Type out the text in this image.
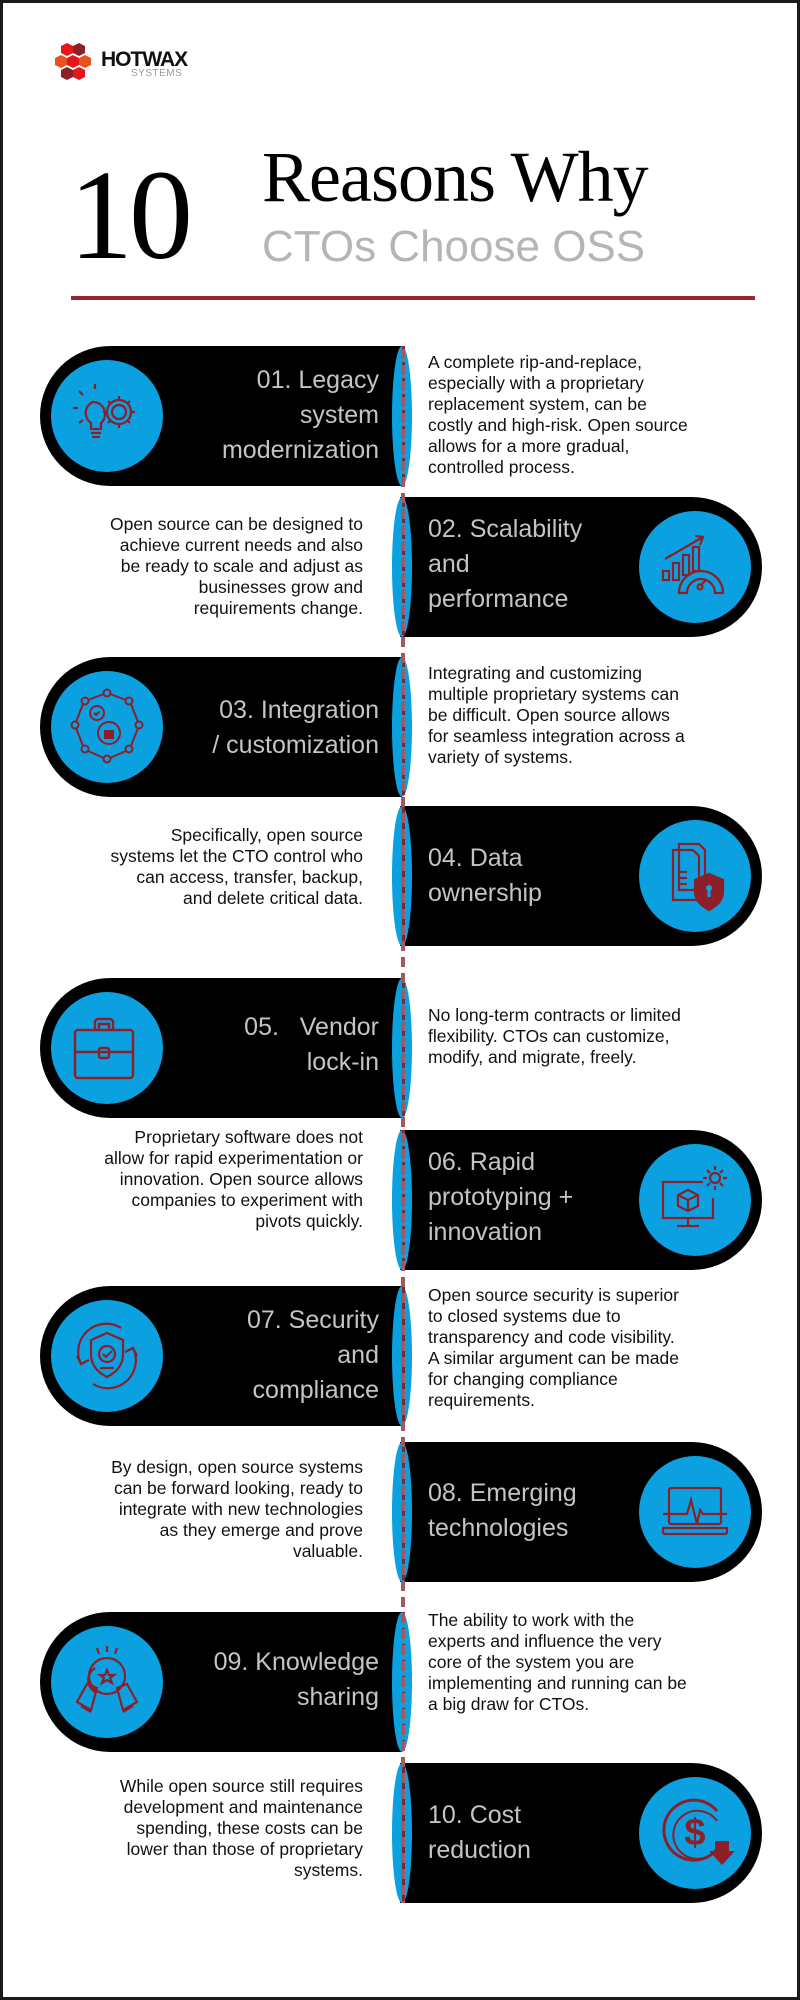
HOTWAX
SYSTEMS
10 Reasons Why
CTOs Choose OSS
01. Legacy
system
modernization
A complete rip-and-replace, especially with a proprietary replacement system, can be costly and high-risk. Open source allows for a more gradual, controlled process.
02. Scalability
and
performance
Open source can be designed to achieve current needs and also be ready to scale and adjust as businesses grow and requirements change.
03. Integration
/ customization
Integrating and customizing multiple proprietary systems can be difficult. Open source allows for seamless integration across a variety of systems.
04. Data
ownership
Specifically, open source systems let the CTO control who can access, transfer, backup, and delete critical data.
05.   Vendor
lock-in
No long-term contracts or limited flexibility. CTOs can customize, modify, and migrate, freely.
06. Rapid
prototyping +
innovation
Proprietary software does not allow for rapid experimentation or innovation. Open source allows companies to experiment with pivots quickly.
07. Security
and
compliance
Open source security is superior to closed systems due to transparency and code visibility. A similar argument can be made for changing compliance requirements.
08. Emerging
technologies
By design, open source systems can be forward looking, ready to integrate with new technologies as they emerge and prove valuable.
09. Knowledge
sharing
The ability to work with the experts and influence the very core of the system you are implementing and running can be a big draw for CTOs.
$
10. Cost
reduction
While open source still requires development and maintenance spending, these costs can be lower than those of proprietary systems.
